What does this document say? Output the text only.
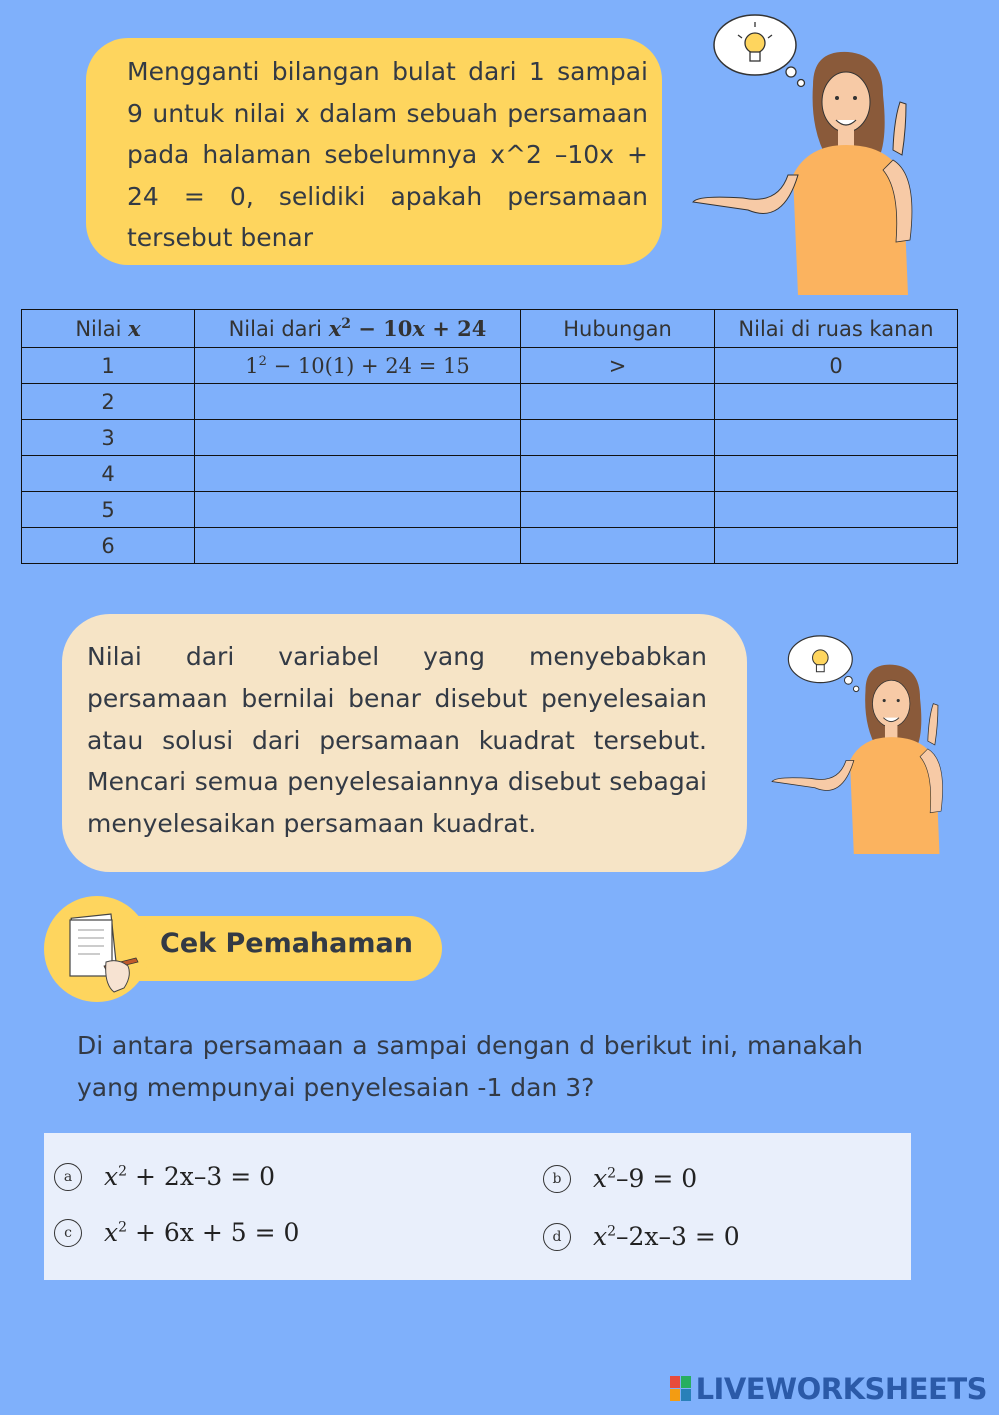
Mengganti bilangan bulat dari 1 sampai 9 untuk nilai x dalam sebuah persamaan pada halaman sebelumnya x^2 –10x + 24 = 0, selidiki apakah persamaan tersebut benar
Nilai x	Nilai dari $x^2 - 10x + 24$	Hubungan	Nilai di ruas kanan
1	$1^2 - 10(1) + 24 = 15$	>	0
2			
3			
4			
5			
6			
Nilai dari variabel yang menyebabkan persamaan bernilai benar disebut penyelesaian atau solusi dari persamaan kuadrat tersebut. Mencari semua penyelesaiannya disebut sebagai menyelesaikan persamaan kuadrat.
Cek Pemahaman
Di antara persamaan a sampai dengan d berikut ini, manakah yang mempunyai penyelesaian -1 dan 3?
a	$x^2 + 2x-3 = 0$	b	$x^2-9 = 0$
c	$x^2 + 6x + 5 = 0$	d	$x^2-2x-3 = 0$
LIVEWORKSHEETS
